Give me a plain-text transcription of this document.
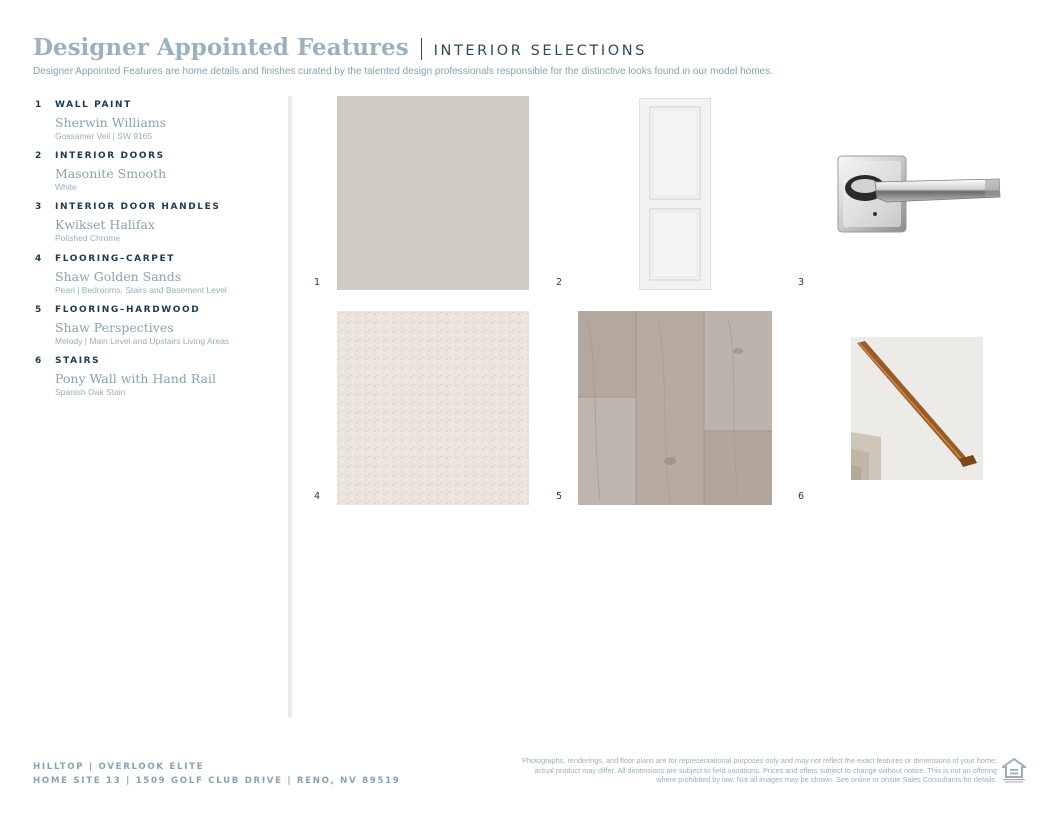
Designer Appointed Features INTERIOR SELECTIONS
Designer Appointed Features are home details and finishes curated by the talented design professionals responsible for the distinctive looks found in our model homes.
1 WALL PAINT
Sherwin Williams
Gossamer Veil | SW 9165
2 INTERIOR DOORS
Masonite Smooth
White
3 INTERIOR DOOR HANDLES
Kwikset Halifax
Polished Chrome
4 FLOORING–CARPET
Shaw Golden Sands
Pearl | Bedrooms, Stairs and Basement Level
5 FLOORING–HARDWOOD
Shaw Perspectives
Melody | Main Level and Upstairs Living Areas
6 STAIRS
Pony Wall with Hand Rail
Spanish Oak Stain
1	2	3
4	5	6
HILLTOP | OVERLOOK ELITE
HOME SITE 13 | 1509 GOLF CLUB DRIVE | RENO, NV 89519
Photographs, renderings, and floor plans are for representational purposes only and may not reflect the exact features or dimensions of your home; actual product may differ. All dimensions are subject to field variations. Prices and offers subject to change without notice. This is not an offering where prohibited by law. Not all images may be shown. See online or onsite Sales Consultants for details.
